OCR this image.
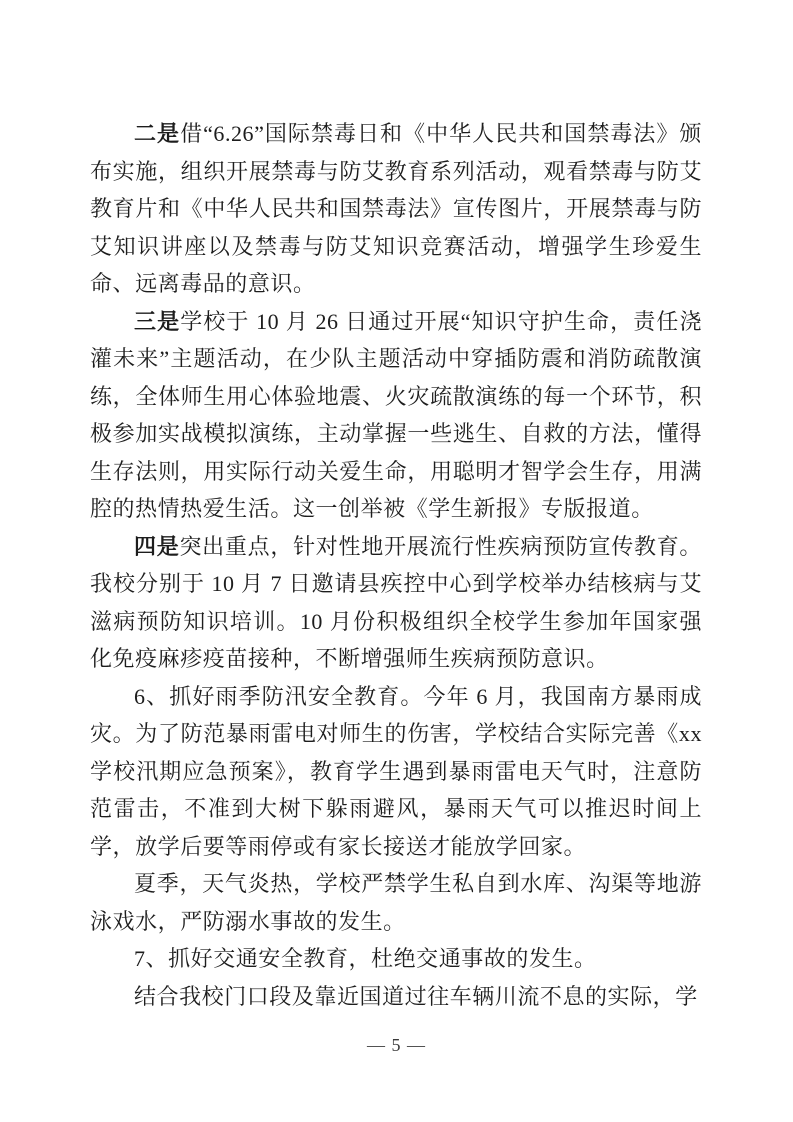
二是借“6.26”国际禁毒日和《中华人民共和国禁毒法》颁布实施，组织开展禁毒与防艾教育系列活动，观看禁毒与防艾教育片和《中华人民共和国禁毒法》宣传图片，开展禁毒与防艾知识讲座以及禁毒与防艾知识竞赛活动，增强学生珍爱生命、远离毒品的意识。

三是学校于 10 月 26 日通过开展“知识守护生命，责任浇灌未来”主题活动，在少队主题活动中穿插防震和消防疏散演练，全体师生用心体验地震、火灾疏散演练的每一个环节，积极参加实战模拟演练，主动掌握一些逃生、自救的方法，懂得生存法则，用实际行动关爱生命，用聪明才智学会生存，用满腔的热情热爱生活。这一创举被《学生新报》专版报道。

四是突出重点，针对性地开展流行性疾病预防宣传教育。我校分别于 10 月 7 日邀请县疾控中心到学校举办结核病与艾滋病预防知识培训。10 月份积极组织全校学生参加年国家强化免疫麻疹疫苗接种，不断增强师生疾病预防意识。

6、抓好雨季防汛安全教育。今年 6 月，我国南方暴雨成灾。为了防范暴雨雷电对师生的伤害，学校结合实际完善《xx 学校汛期应急预案》，教育学生遇到暴雨雷电天气时，注意防范雷击，不准到大树下躲雨避风，暴雨天气可以推迟时间上学，放学后要等雨停或有家长接送才能放学回家。

夏季，天气炎热，学校严禁学生私自到水库、沟渠等地游泳戏水，严防溺水事故的发生。

7、抓好交通安全教育，杜绝交通事故的发生。

结合我校门口段及靠近国道过往车辆川流不息的实际，学

— 5 —
